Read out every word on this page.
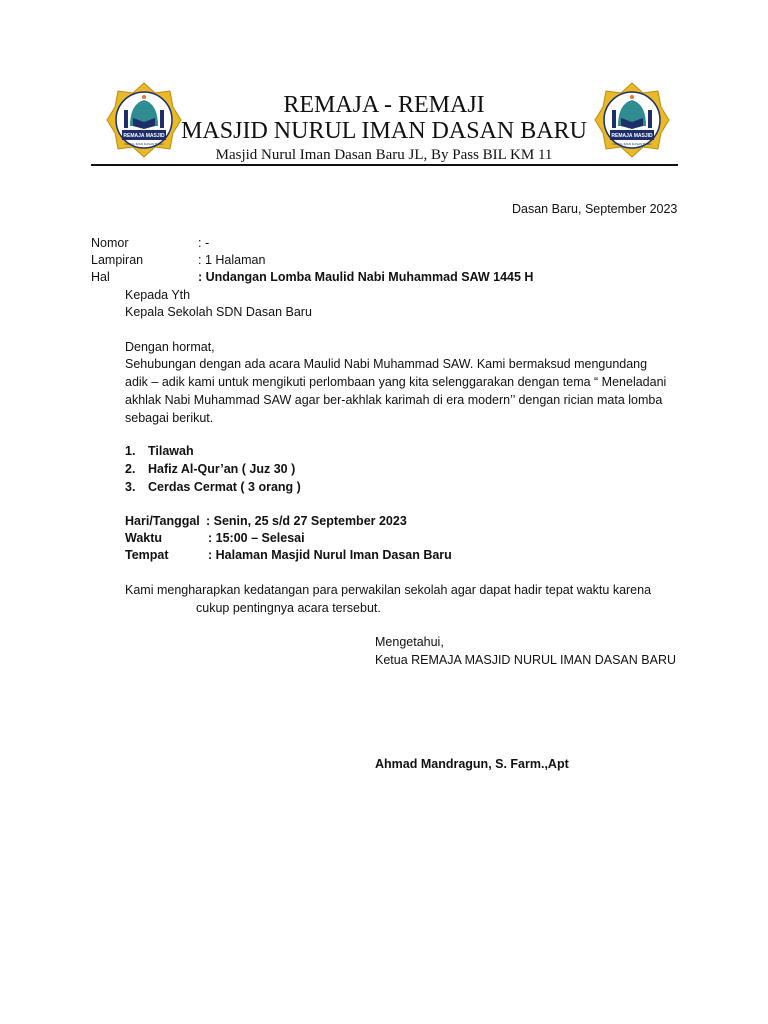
REMAJA MASJID
NURUL IMAN DASAN BARU
REMAJA MASJID
NURUL IMAN DASAN BARU
REMAJA - REMAJI
MASJID NURUL IMAN DASAN BARU
Masjid Nurul Iman Dasan Baru JL, By Pass BIL KM 11
Dasan Baru, September 2023
Nomor	: -
Lampiran	: 1 Halaman
Hal	: Undangan Lomba Maulid Nabi Muhammad SAW 1445 H
Kepada Yth
Kepala Sekolah SDN Dasan Baru
Dengan hormat,
Sehubungan dengan ada acara Maulid Nabi Muhammad SAW. Kami bermaksud mengundang
adik – adik kami untuk mengikuti perlombaan yang kita selenggarakan dengan tema “ Meneladani
akhlak Nabi Muhammad SAW agar ber-akhlak karimah di era modern’’ dengan rician mata lomba
sebagai berikut.
1. Tilawah
2. Hafiz Al-Qur’an ( Juz 30 )
3. Cerdas Cermat ( 3 orang )
Hari/Tanggal : Senin, 25 s/d 27 September 2023
Waktu	: 15:00 – Selesai
Tempat	: Halaman Masjid Nurul Iman Dasan Baru
Kami mengharapkan kedatangan para perwakilan sekolah agar dapat hadir tepat waktu karena
cukup pentingnya acara tersebut.
Mengetahui,
Ketua REMAJA MASJID NURUL IMAN DASAN BARU
Ahmad Mandragun, S. Farm.,Apt
